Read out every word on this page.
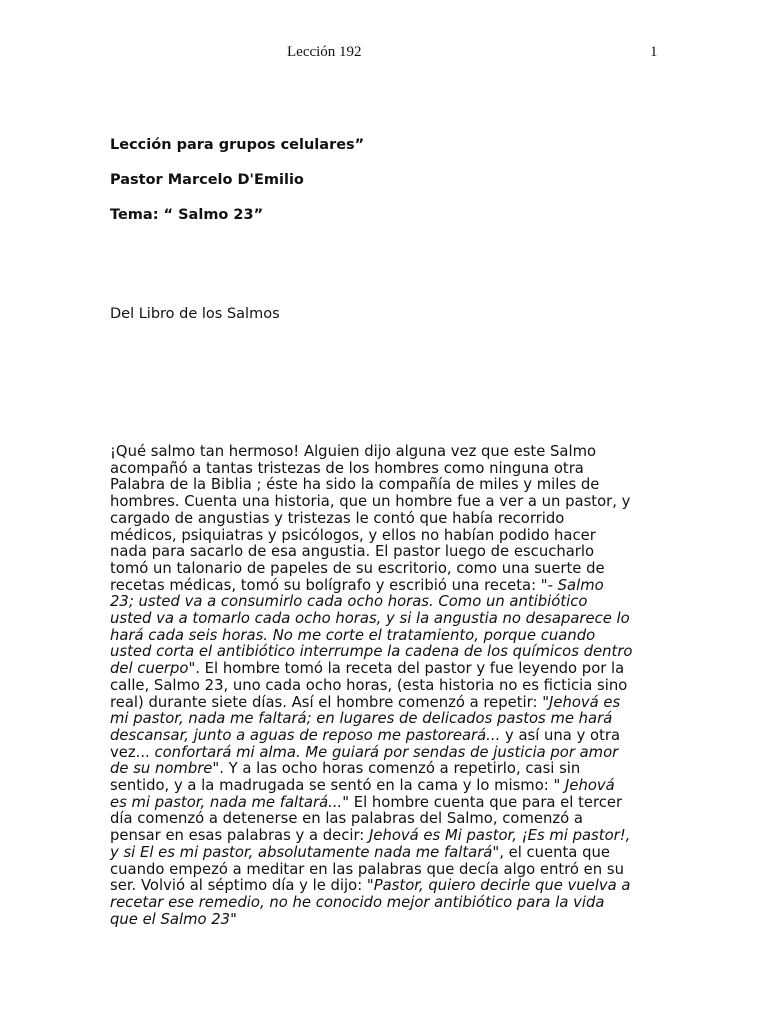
Lección 192	1
Lección para grupos celulares”
Pastor Marcelo D'Emilio
Tema: “ Salmo 23”
Del Libro de los Salmos
¡Qué salmo tan hermoso! Alguien dijo alguna vez que este Salmo
acompañó a tantas tristezas de los hombres como ninguna otra
Palabra de la Biblia ; éste ha sido la compañía de miles y miles de
hombres. Cuenta una historia, que un hombre fue a ver a un pastor, y
cargado de angustias y tristezas le contó que había recorrido
médicos, psiquiatras y psicólogos, y ellos no habían podido hacer
nada para sacarlo de esa angustia. El pastor luego de escucharlo
tomó un talonario de papeles de su escritorio, como una suerte de
recetas médicas, tomó su bolígrafo y escribió una receta: "- Salmo
23; usted va a consumirlo cada ocho horas. Como un antibiótico
usted va a tomarlo cada ocho horas, y si la angustia no desaparece lo
hará cada seis horas. No me corte el tratamiento, porque cuando
usted corta el antibiótico interrumpe la cadena de los químicos dentro
del cuerpo". El hombre tomó la receta del pastor y fue leyendo por la
calle, Salmo 23, uno cada ocho horas, (esta historia no es ficticia sino
real) durante siete días. Así el hombre comenzó a repetir: "Jehová es
mi pastor, nada me faltará; en lugares de delicados pastos me hará
descansar, junto a aguas de reposo me pastoreará... y así una y otra
vez... confortará mi alma. Me guiará por sendas de justicia por amor
de su nombre". Y a las ocho horas comenzó a repetirlo, casi sin
sentido, y a la madrugada se sentó en la cama y lo mismo: " Jehová
es mi pastor, nada me faltará..." El hombre cuenta que para el tercer
día comenzó a detenerse en las palabras del Salmo, comenzó a
pensar en esas palabras y a decir: Jehová es Mi pastor, ¡Es mi pastor!,
y si El es mi pastor, absolutamente nada me faltará", el cuenta que
cuando empezó a meditar en las palabras que decía algo entró en su
ser. Volvió al séptimo día y le dijo: "Pastor, quiero decirle que vuelva a
recetar ese remedio, no he conocido mejor antibiótico para la vida
que el Salmo 23"
